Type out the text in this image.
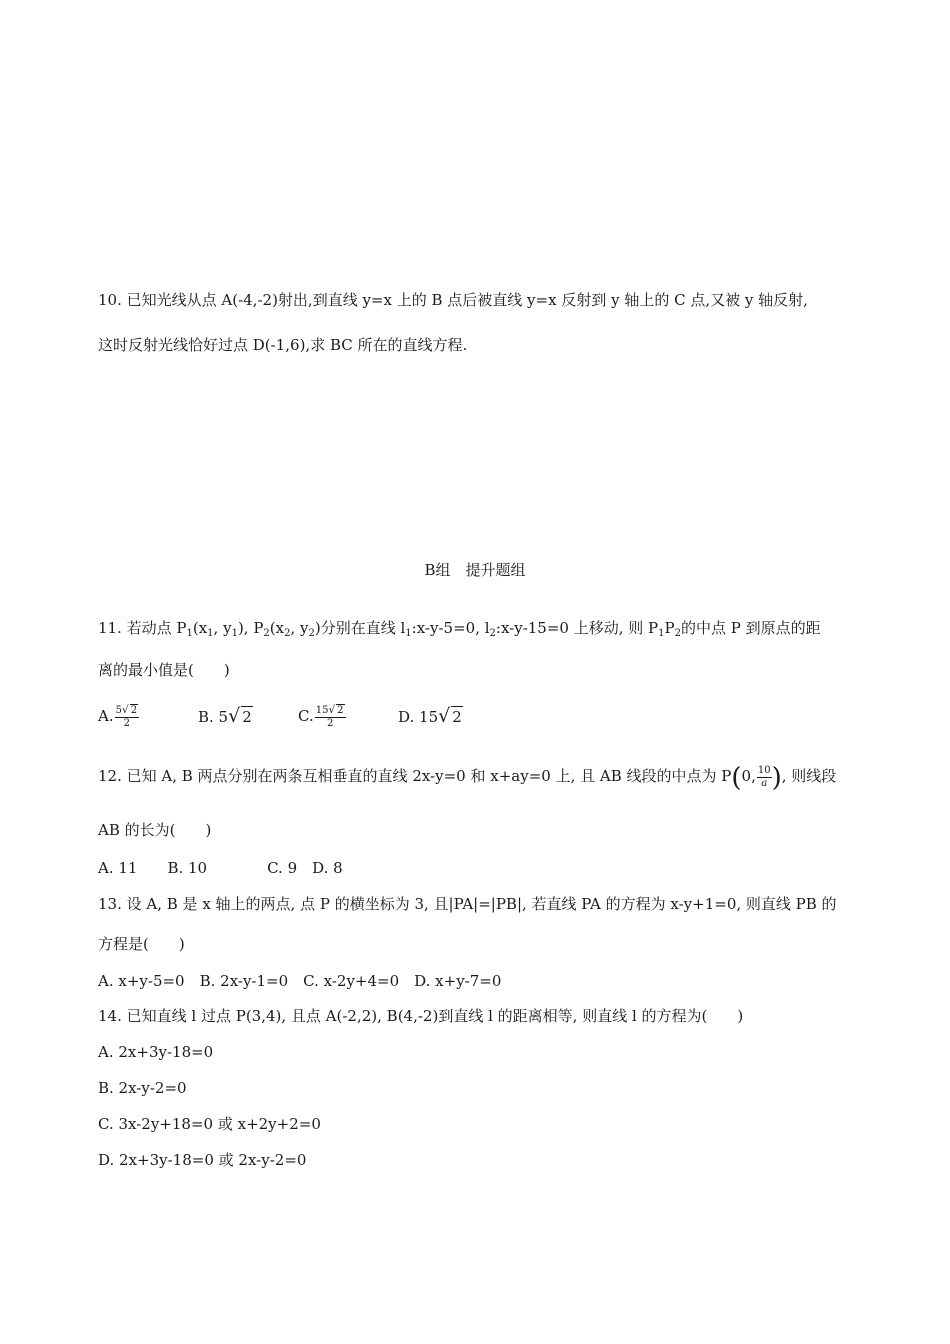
10. 已知光线从点 A(-4,-2)射出,到直线 y=x 上的 B 点后被直线 y=x 反射到 y 轴上的 C 点,又被 y 轴反射,
这时反射光线恰好过点 D(-1,6),求 BC 所在的直线方程.
B组　提升题组
11. 若动点 $P_1(x_1$, $y_1$), $P_2(x_2$, $y_2$)分别在直线 $l_1:x-y-5=0$, $l_2:x-y-15=0$ 上移动, 则 $P_1P_2$的中点 P 到原点的距
离的最小值是(　　)
A. $\frac{5√ 2}{2}$	B. 5√ 2	C. $\frac{15√ 2}{2}$	D. 15√ 2
12. 已知 A, B 两点分别在两条互相垂直的直线 2x-y=0 和 x+ay=0 上, 且 AB 线段的中点为 P(0, $\frac{10}{a}$ ), 则线段
AB 的长为(　　)
A. 11　　B. 10　　　　C. 9　D. 8
13. 设 A, B 是 x 轴上的两点, 点 P 的横坐标为 3, 且|PA|=|PB|, 若直线 PA 的方程为 x-y+1=0, 则直线 PB 的
方程是(　　)
A. x+y-5=0　B. 2x-y-1=0　C. x-2y+4=0　D. x+y-7=0
14. 已知直线 l 过点 P(3,4), 且点 A(-2,2), B(4,-2)到直线 l 的距离相等, 则直线 l 的方程为(　　)
A. 2x+3y-18=0
B. 2x-y-2=0
C. 3x-2y+18=0 或 x+2y+2=0
D. 2x+3y-18=0 或 2x-y-2=0
